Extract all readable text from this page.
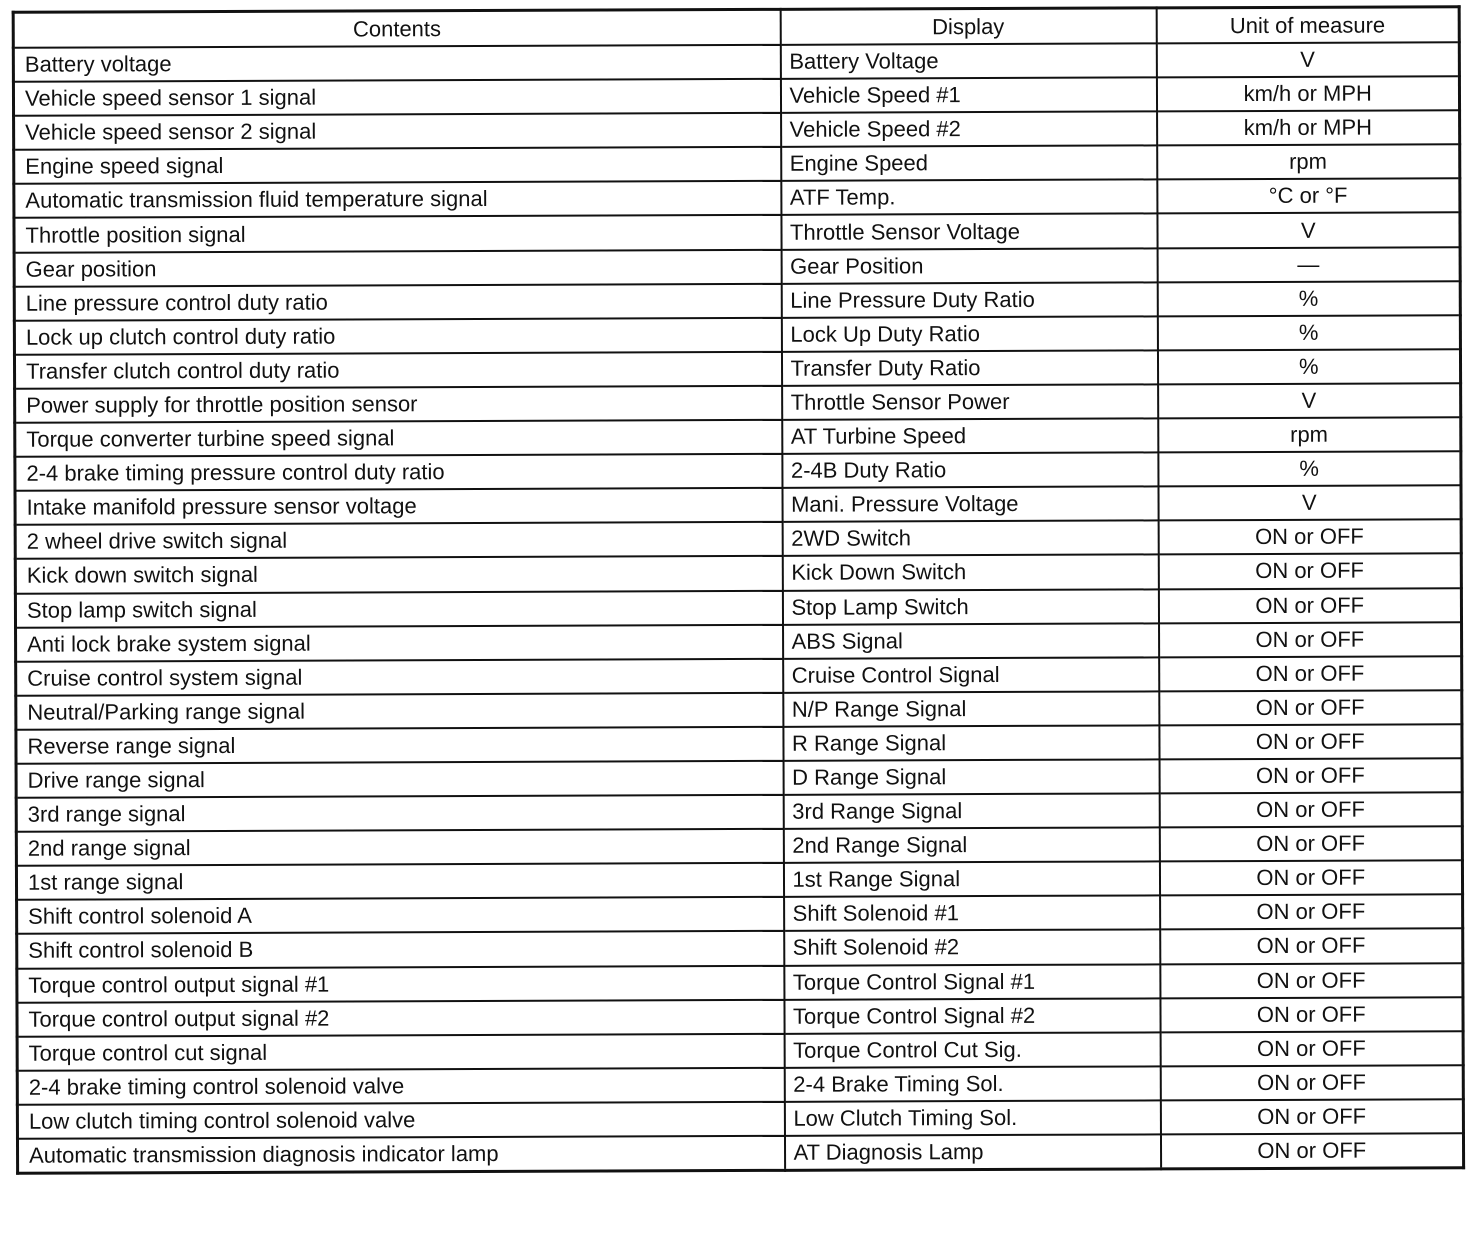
Contents	Display	Unit of measure
Battery voltage	Battery Voltage	V
Vehicle speed sensor 1 signal	Vehicle Speed #1	km/h or MPH
Vehicle speed sensor 2 signal	Vehicle Speed #2	km/h or MPH
Engine speed signal	Engine Speed	rpm
Automatic transmission fluid temperature signal	ATF Temp.	°C or °F
Throttle position signal	Throttle Sensor Voltage	V
Gear position	Gear Position	—
Line pressure control duty ratio	Line Pressure Duty Ratio	%
Lock up clutch control duty ratio	Lock Up Duty Ratio	%
Transfer clutch control duty ratio	Transfer Duty Ratio	%
Power supply for throttle position sensor	Throttle Sensor Power	V
Torque converter turbine speed signal	AT Turbine Speed	rpm
2-4 brake timing pressure control duty ratio	2-4B Duty Ratio	%
Intake manifold pressure sensor voltage	Mani. Pressure Voltage	V
2 wheel drive switch signal	2WD Switch	ON or OFF
Kick down switch signal	Kick Down Switch	ON or OFF
Stop lamp switch signal	Stop Lamp Switch	ON or OFF
Anti lock brake system signal	ABS Signal	ON or OFF
Cruise control system signal	Cruise Control Signal	ON or OFF
Neutral/Parking range signal	N/P Range Signal	ON or OFF
Reverse range signal	R Range Signal	ON or OFF
Drive range signal	D Range Signal	ON or OFF
3rd range signal	3rd Range Signal	ON or OFF
2nd range signal	2nd Range Signal	ON or OFF
1st range signal	1st Range Signal	ON or OFF
Shift control solenoid A	Shift Solenoid #1	ON or OFF
Shift control solenoid B	Shift Solenoid #2	ON or OFF
Torque control output signal #1	Torque Control Signal #1	ON or OFF
Torque control output signal #2	Torque Control Signal #2	ON or OFF
Torque control cut signal	Torque Control Cut Sig.	ON or OFF
2-4 brake timing control solenoid valve	2-4 Brake Timing Sol.	ON or OFF
Low clutch timing control solenoid valve	Low Clutch Timing Sol.	ON or OFF
Automatic transmission diagnosis indicator lamp	AT Diagnosis Lamp	ON or OFF
